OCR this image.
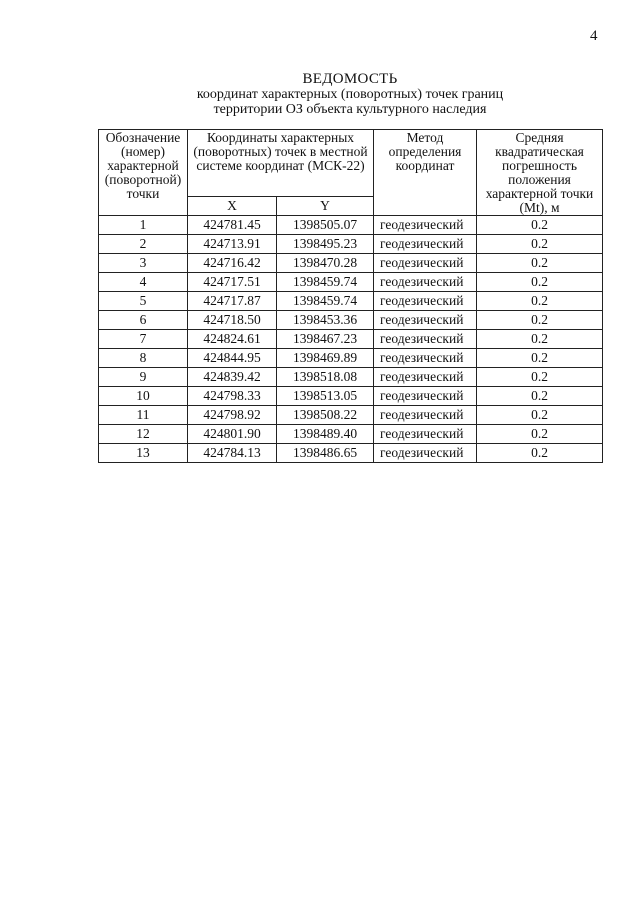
4
ВЕДОМОСТЬ
координат характерных (поворотных) точек границ
территории ОЗ объекта культурного наследия
Обозначение (номер) характерной (поворотной) точки	Координаты характерных (поворотных) точек в местной системе координат (МСК-22)		Метод определения координат	Средняя квадратическая погрешность положения характерной точки (Mt), м
	X	Y		
1	424781.45	1398505.07	геодезический	0.2
2	424713.91	1398495.23	геодезический	0.2
3	424716.42	1398470.28	геодезический	0.2
4	424717.51	1398459.74	геодезический	0.2
5	424717.87	1398459.74	геодезический	0.2
6	424718.50	1398453.36	геодезический	0.2
7	424824.61	1398467.23	геодезический	0.2
8	424844.95	1398469.89	геодезический	0.2
9	424839.42	1398518.08	геодезический	0.2
10	424798.33	1398513.05	геодезический	0.2
11	424798.92	1398508.22	геодезический	0.2
12	424801.90	1398489.40	геодезический	0.2
13	424784.13	1398486.65	геодезический	0.2
